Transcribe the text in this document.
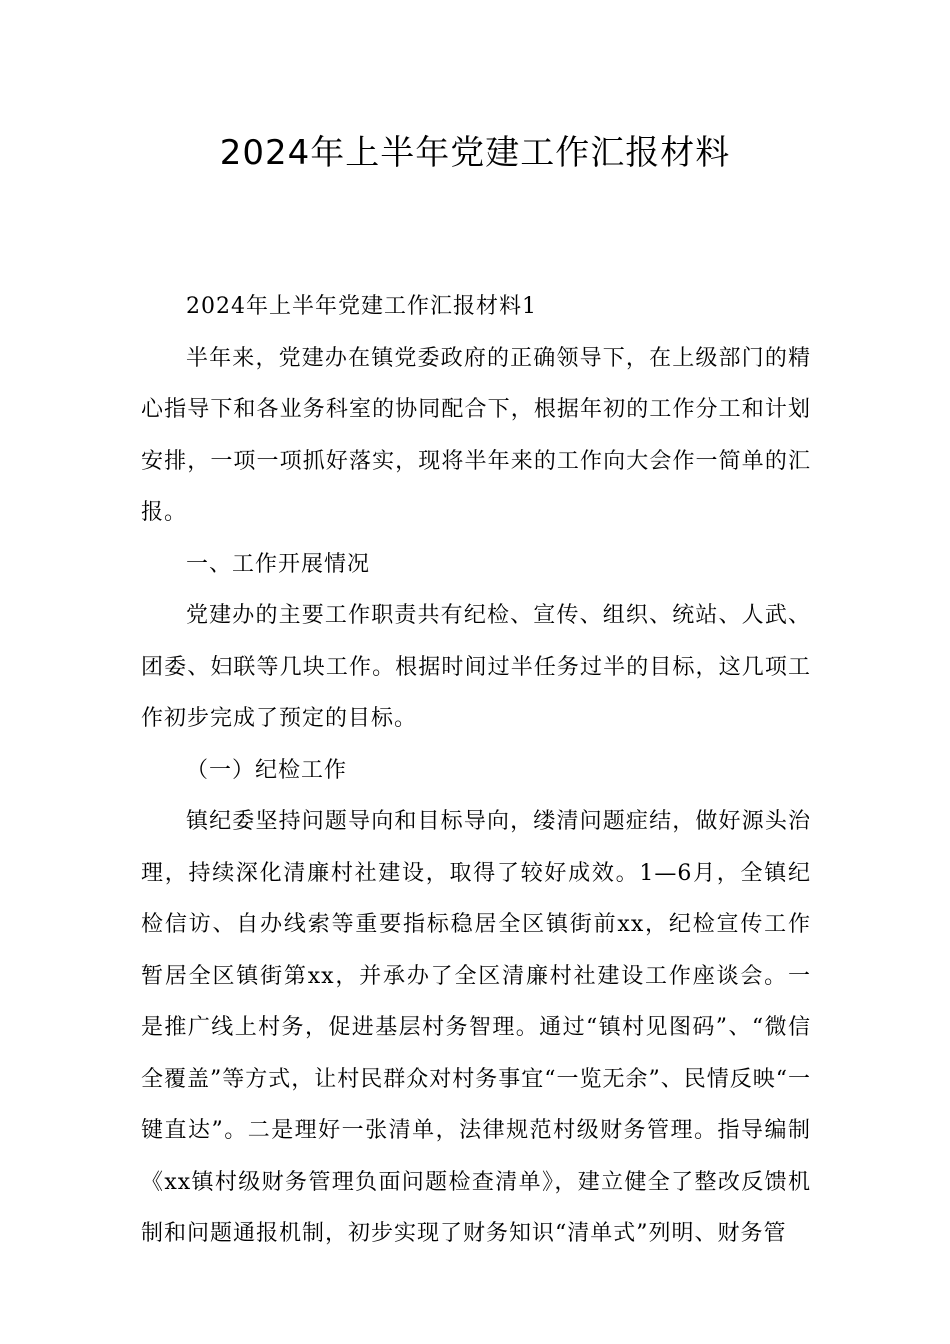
2024年上半年党建工作汇报材料

2024年上半年党建工作汇报材料1

半年来，党建办在镇党委政府的正确领导下，在上级部门的精心指导下和各业务科室的协同配合下，根据年初的工作分工和计划安排，一项一项抓好落实，现将半年来的工作向大会作一简单的汇报。

一、工作开展情况

党建办的主要工作职责共有纪检、宣传、组织、统站、人武、团委、妇联等几块工作。根据时间过半任务过半的目标，这几项工作初步完成了预定的目标。

（一）纪检工作

镇纪委坚持问题导向和目标导向，缕清问题症结，做好源头治理，持续深化清廉村社建设，取得了较好成效。1—6月，全镇纪检信访、自办线索等重要指标稳居全区镇街前xx，纪检宣传工作暂居全区镇街第xx，并承办了全区清廉村社建设工作座谈会。一是推广线上村务，促进基层村务智理。通过“镇村见图码”、“微信全覆盖”等方式，让村民群众对村务事宜“一览无余”、民情反映“一键直达”。二是理好一张清单，法律规范村级财务管理。指导编制《xx镇村级财务管理负面问题检查清单》，建立健全了整改反馈机制和问题通报机制，初步实现了财务知识“清单式”列明、财务管
